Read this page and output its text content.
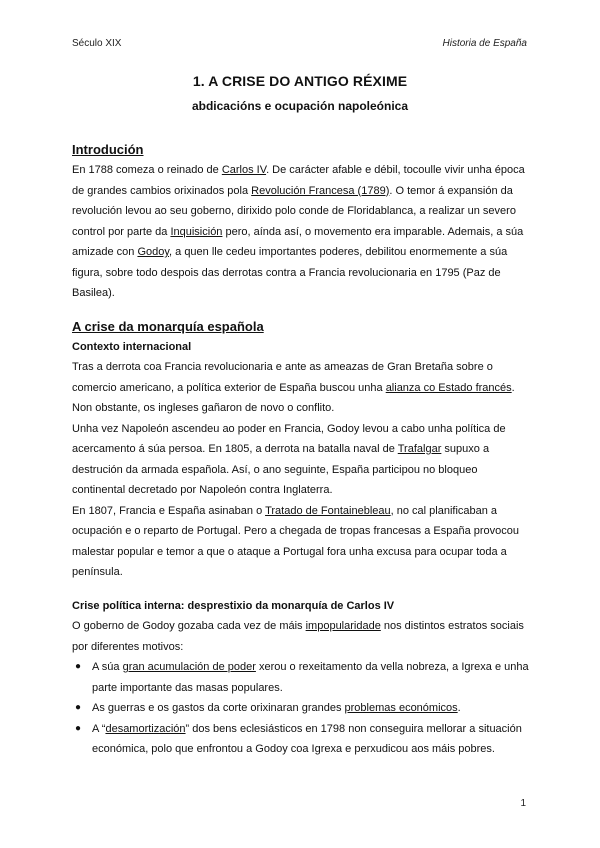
Século XIX	Historia de España
1. A CRISE DO ANTIGO RÉXIME
abdicacións e ocupación napoleónica
Introdución

En 1788 comeza o reinado de Carlos IV. De carácter afable e débil, tocoulle vivir unha época de grandes cambios orixinados pola Revolución Francesa (1789). O temor á expansión da revolución levou ao seu goberno, dirixido polo conde de Floridablanca, a realizar un severo control por parte da Inquisición pero, aínda así, o movemento era imparable. Ademais, a súa amizade con Godoy, a quen lle cedeu importantes poderes, debilitou enormemente a súa figura, sobre todo despois das derrotas contra a Francia revolucionaria en 1795 (Paz de Basilea).

A crise da monarquía española
Contexto internacional

Tras a derrota coa Francia revolucionaria e ante as ameazas de Gran Bretaña sobre o comercio americano, a política exterior de España buscou unha alianza co Estado francés. Non obstante, os ingleses gañaron de novo o conflito.

Unha vez Napoleón ascendeu ao poder en Francia, Godoy levou a cabo unha política de acercamento á súa persoa. En 1805, a derrota na batalla naval de Trafalgar supuxo a destrución da armada española. Así, o ano seguinte, España participou no bloqueo continental decretado por Napoleón contra Inglaterra.

En 1807, Francia e España asinaban o Tratado de Fontainebleau, no cal planificaban a ocupación e o reparto de Portugal. Pero a chegada de tropas francesas a España provocou malestar popular e temor a que o ataque a Portugal fora unha excusa para ocupar toda a península.

Crise política interna: desprestixio da monarquía de Carlos IV

O goberno de Godoy gozaba cada vez de máis impopularidade nos distintos estratos sociais por diferentes motivos:

● A súa gran acumulación de poder xerou o rexeitamento da vella nobreza, a Igrexa e unha parte importante das masas populares.
● As guerras e os gastos da corte orixinaran grandes problemas económicos.
● A “desamortización” dos bens eclesiásticos en 1798 non conseguira mellorar a situación económica, polo que enfrontou a Godoy coa Igrexa e perxudicou aos máis pobres.
1
